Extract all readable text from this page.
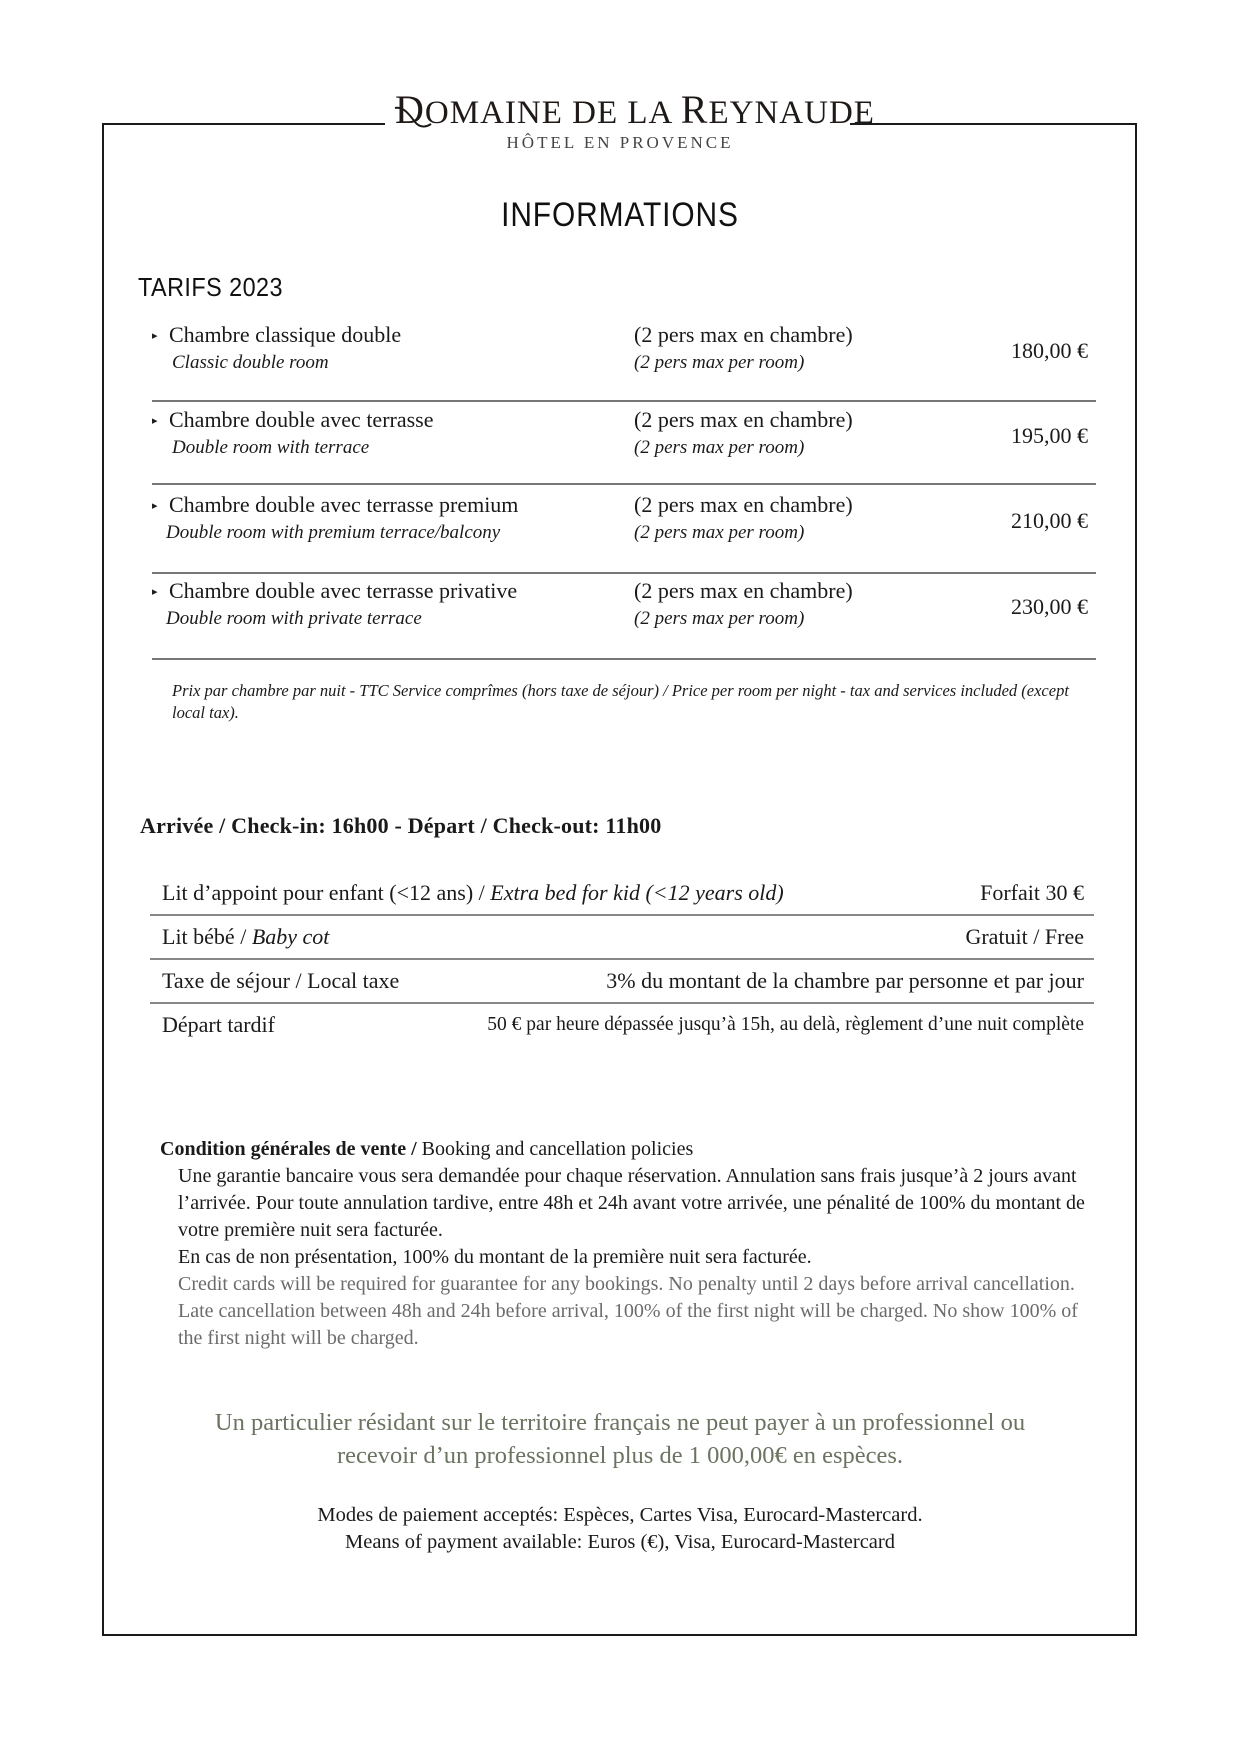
DOMAINE DE LA REYNAUDE
HÔTEL EN PROVENCE
INFORMATIONS
TARIFS 2023
▸ Chambre classique double
Classic double room
(2 pers max en chambre)
(2 pers max per room)	180,00 €
▸ Chambre double avec terrasse
Double room with terrace
(2 pers max en chambre)
(2 pers max per room)	195,00 €
▸ Chambre double avec terrasse premium
Double room with premium terrace/balcony
(2 pers max en chambre)
(2 pers max per room)	210,00 €
▸ Chambre double avec terrasse privative
Double room with private terrace
(2 pers max en chambre)
(2 pers max per room)	230,00 €
Prix par chambre par nuit - TTC Service comprîmes (hors taxe de séjour) / Price per room per night - tax and services included (except local tax).
Arrivée / Check-in: 16h00 - Départ / Check-out: 11h00
Lit d’appoint pour enfant (<12 ans) / Extra bed for kid (<12 years old)	Forfait 30 €
Lit bébé / Baby cot	Gratuit / Free
Taxe de séjour / Local taxe	3% du montant de la chambre par personne et par jour
Départ tardif	50 € par heure dépassée jusqu’à 15h, au delà, règlement d’une nuit complète
Condition générales de vente / Booking and cancellation policies
Une garantie bancaire vous sera demandée pour chaque réservation. Annulation sans frais jusque’à 2 jours avant l’arrivée. Pour toute annulation tardive, entre 48h et 24h avant votre arrivée, une pénalité de 100% du montant de votre première nuit sera facturée.
En cas de non présentation, 100% du montant de la première nuit sera facturée.
Credit cards will be required for guarantee for any bookings. No penalty until 2 days before arrival cancellation. Late cancellation between 48h and 24h before arrival, 100% of the first night will be charged. No show 100% of the first night will be charged.
Un particulier résidant sur le territoire français ne peut payer à un professionnel ou
recevoir d’un professionnel plus de 1 000,00€ en espèces.
Modes de paiement acceptés: Espèces, Cartes Visa, Eurocard-Mastercard.
Means of payment available: Euros (€), Visa, Eurocard-Mastercard
